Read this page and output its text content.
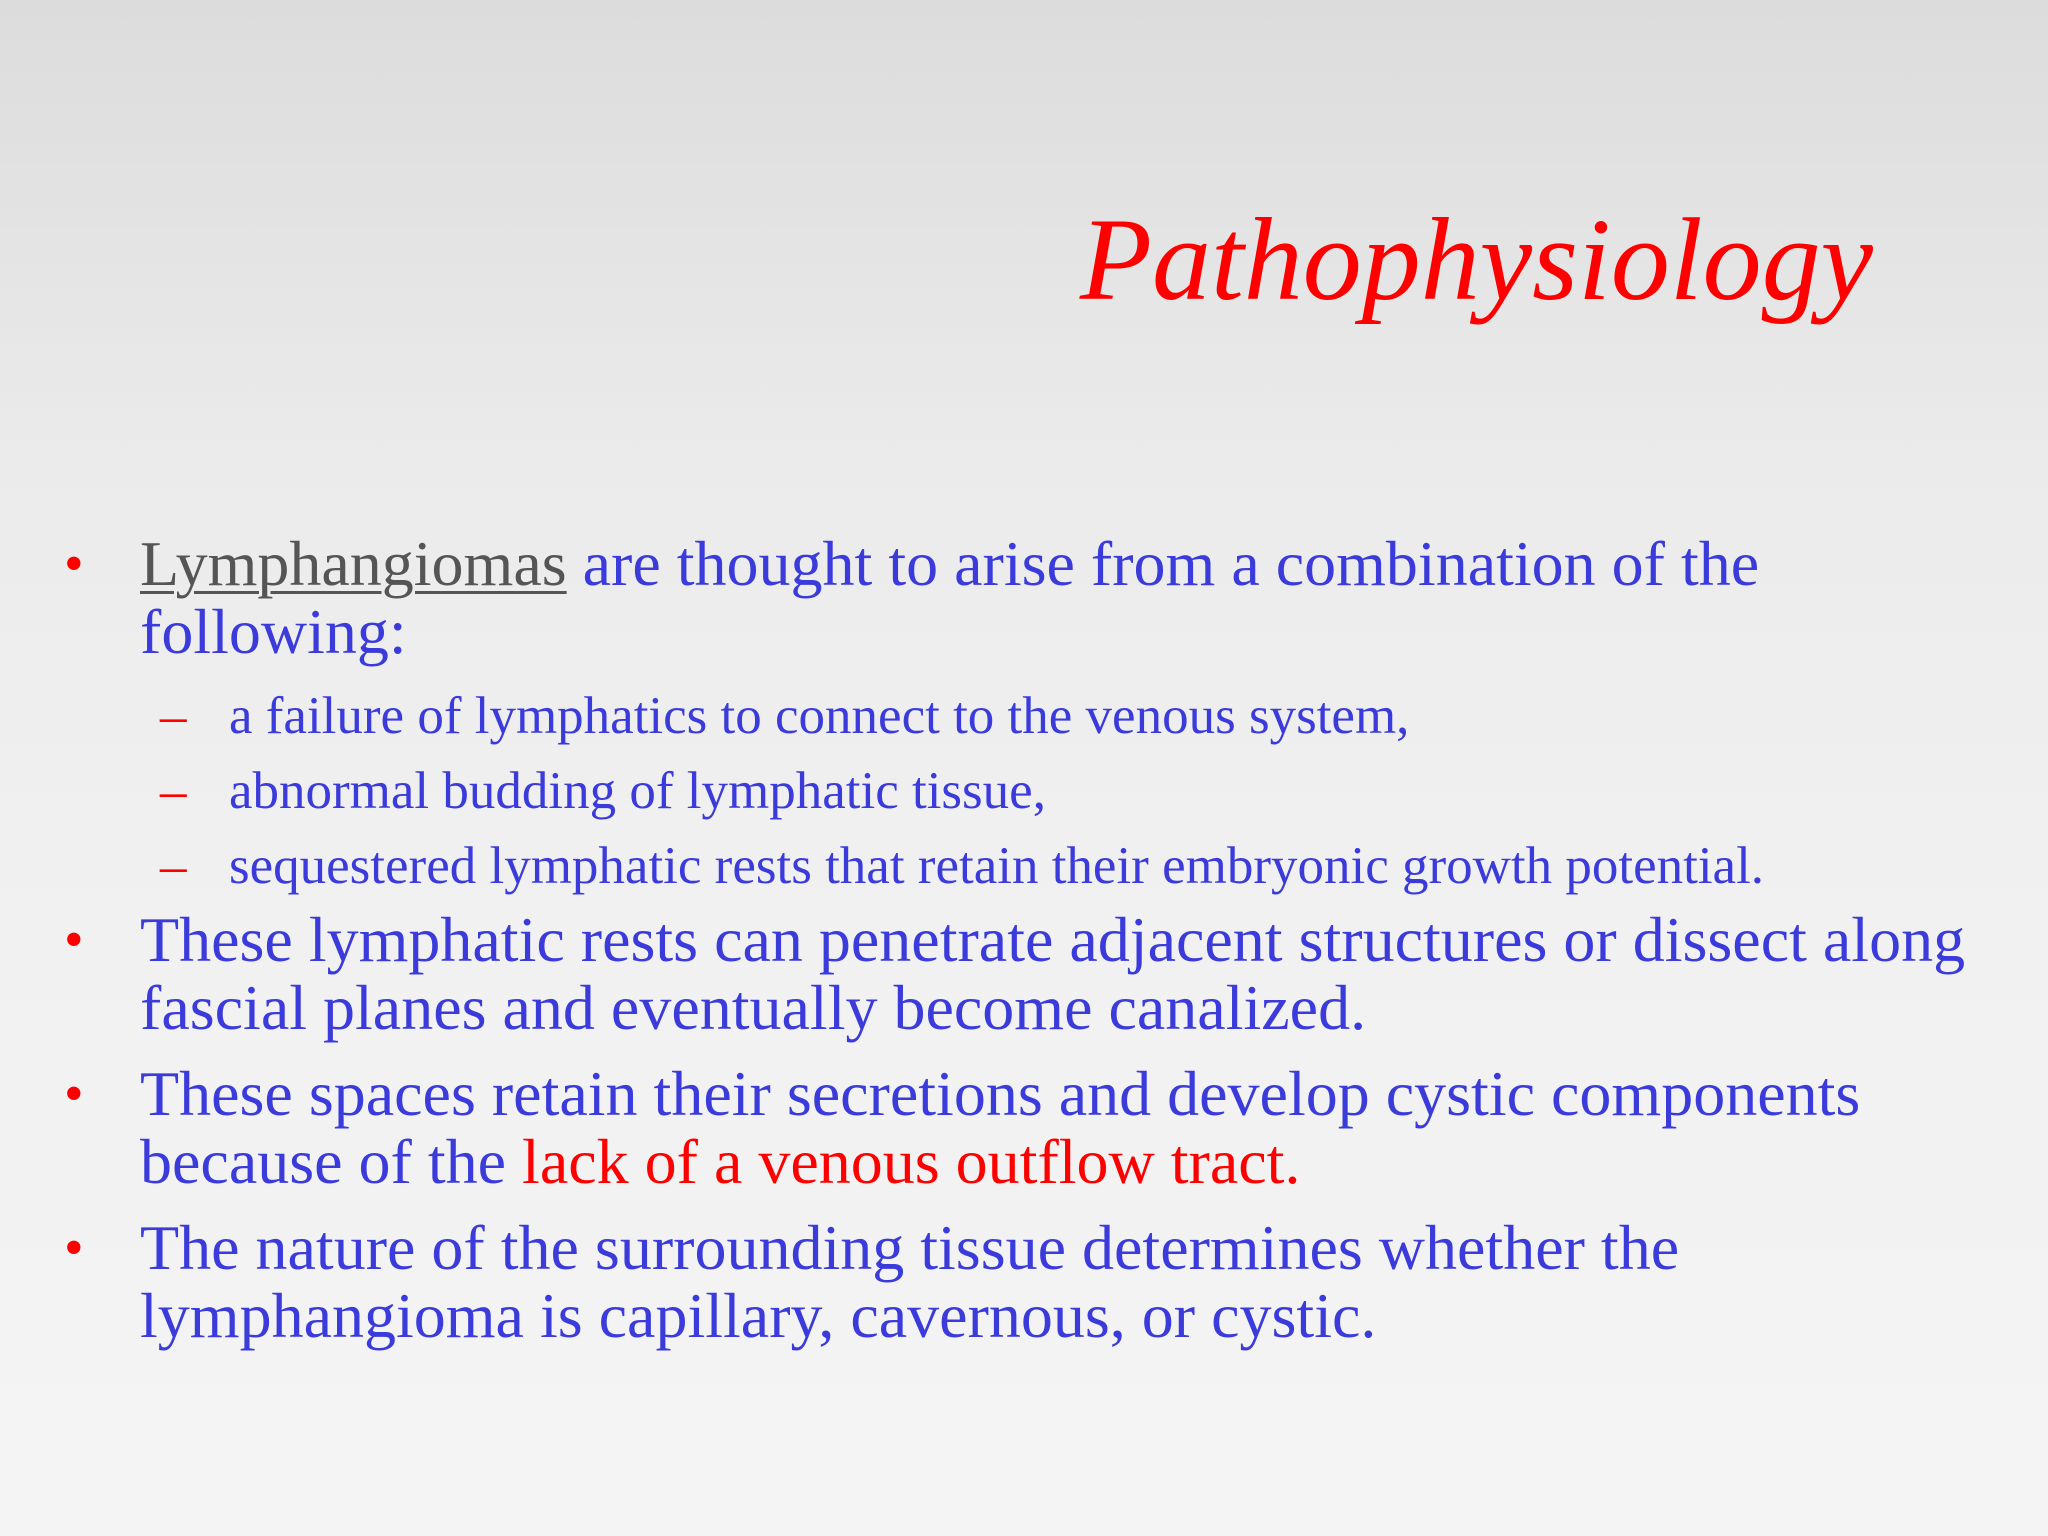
Pathophysiology
• Lymphangiomas are thought to arise from a combination of the following:
– a failure of lymphatics to connect to the venous system,
– abnormal budding of lymphatic tissue,
– sequestered lymphatic rests that retain their embryonic growth potential.
• These lymphatic rests can penetrate adjacent structures or dissect along fascial planes and eventually become canalized.
• These spaces retain their secretions and develop cystic components because of the lack of a venous outflow tract.
• The nature of the surrounding tissue determines whether the lymphangioma is capillary, cavernous, or cystic.
